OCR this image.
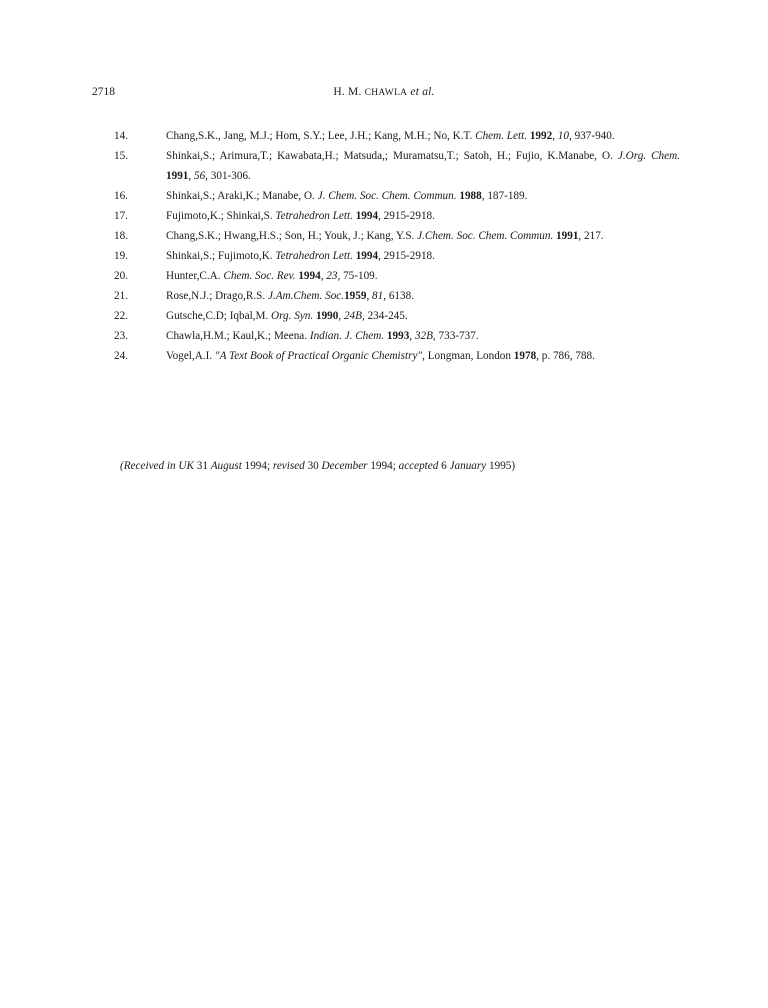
2718	H. M. CHAWLA et al.
14.	Chang,S.K., Jang, M.J.; Hom, S.Y.; Lee, J.H.; Kang, M.H.; No, K.T. Chem. Lett. 1992, 10, 937-940.
15.	Shinkai,S.; Arimura,T.; Kawabata,H.; Matsuda,; Muramatsu,T.; Satoh, H.; Fujio, K.Manabe, O. J.Org. Chem. 1991, 56, 301-306.
16.	Shinkai,S.; Araki,K.; Manabe, O. J. Chem. Soc. Chem. Commun. 1988, 187-189.
17.	Fujimoto,K.; Shinkai,S. Tetrahedron Lett. 1994, 2915-2918.
18.	Chang,S.K.; Hwang,H.S.; Son, H.; Youk, J.; Kang, Y.S. J.Chem. Soc. Chem. Commun. 1991, 217.
19.	Shinkai,S.; Fujimoto,K. Tetrahedron Lett. 1994, 2915-2918.
20.	Hunter,C.A. Chem. Soc. Rev. 1994, 23, 75-109.
21.	Rose,N.J.; Drago,R.S. J.Am.Chem. Soc.1959, 81, 6138.
22.	Gutsche,C.D; Iqbal,M. Org. Syn. 1990, 24B, 234-245.
23.	Chawla,H.M.; Kaul,K.; Meena. Indian. J. Chem. 1993, 32B, 733-737.
24.	Vogel,A.I. "A Text Book of Practical Organic Chemistry", Longman, London 1978, p. 786, 788.
(Received in UK 31 August 1994; revised 30 December 1994; accepted 6 January 1995)
